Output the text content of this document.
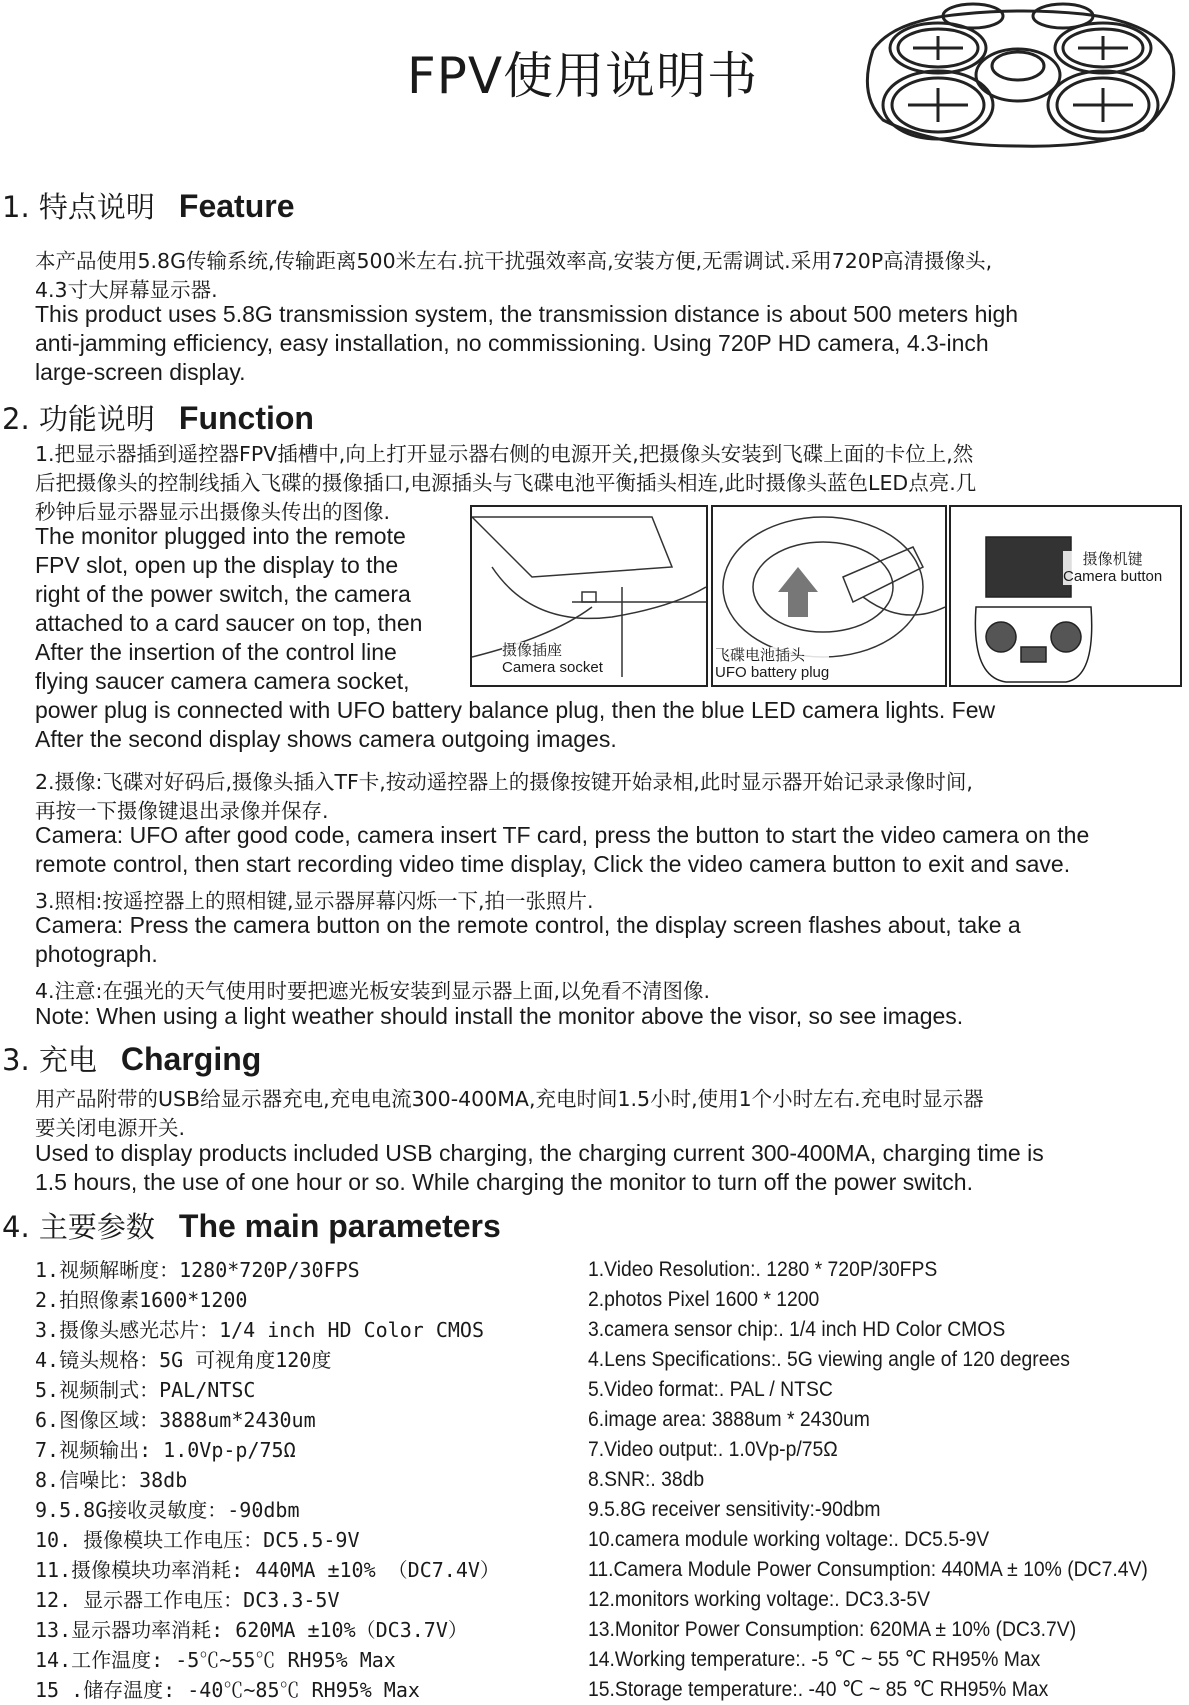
FPV使用说明书
1. 特点说明 Feature
本产品使用5.8G传输系统,传输距离500米左右.抗干扰强效率高,安装方便,无需调试.采用720P高清摄像头,
4.3寸大屏幕显示器.
This product uses 5.8G transmission system, the transmission distance is about 500 meters high
anti-jamming efficiency, easy installation, no commissioning. Using 720P HD camera, 4.3-inch
large-screen display.
2. 功能说明 Function
1.把显示器插到遥控器FPV插槽中,向上打开显示器右侧的电源开关,把摄像头安装到飞碟上面的卡位上,然
后把摄像头的控制线插入飞碟的摄像插口,电源插头与飞碟电池平衡插头相连,此时摄像头蓝色LED点亮.几
秒钟后显示器显示出摄像头传出的图像.
The monitor plugged into the remote
FPV slot, open up the display to the
right of the power switch, the camera
attached to a card saucer on top, then
After the insertion of the control line
flying saucer camera camera socket,
power plug is connected with UFO battery balance plug, then the blue LED camera lights. Few
After the second display shows camera outgoing images.
摄像插座
Camera socket
飞碟电池插头
UFO battery plug
摄像机键
Camera button
2.摄像:飞碟对好码后,摄像头插入TF卡,按动遥控器上的摄像按键开始录相,此时显示器开始记录录像时间,
再按一下摄像键退出录像并保存.
Camera: UFO after good code, camera insert TF card, press the button to start the video camera on the
remote control, then start recording video time display, Click the video camera button to exit and save.
3.照相:按遥控器上的照相键,显示器屏幕闪烁一下,拍一张照片.
Camera: Press the camera button on the remote control, the display screen flashes about, take a
photograph.
4.注意:在强光的天气使用时要把遮光板安装到显示器上面,以免看不清图像.
Note: When using a light weather should install the monitor above the visor, so see images.
3. 充电 Charging
用产品附带的USB给显示器充电,充电电流300-400MA,充电时间1.5小时,使用1个小时左右.充电时显示器
要关闭电源开关.
Used to display products included USB charging, the charging current 300-400MA, charging time is
1.5 hours, the use of one hour or so. While charging the monitor to turn off the power switch.
4. 主要参数 The main parameters
1.视频解晰度：1280*720P/30FPS
2.拍照像素1600*1200
3.摄像头感光芯片：1/4 inch HD Color CMOS
4.镜头规格：5G 可视角度120度
5.视频制式：PAL/NTSC
6.图像区域：3888um*2430um
7.视频输出: 1.0Vp-p/75Ω
8.信噪比：38db
9.5.8G接收灵敏度：-90dbm
10. 摄像模块工作电压：DC5.5-9V
11.摄像模块功率消耗: 440MA ±10% （DC7.4V）
12. 显示器工作电压：DC3.3-5V
13.显示器功率消耗: 620MA ±10%（DC3.7V）
14.工作温度: -5℃~55℃ RH95% Max
15 .储存温度: -40℃~85℃ RH95% Max
1.Video Resolution:. 1280 * 720P/30FPS
2.photos Pixel 1600 * 1200
3.camera sensor chip:. 1/4 inch HD Color CMOS
4.Lens Specifications:. 5G viewing angle of 120 degrees
5.Video format:. PAL / NTSC
6.image area: 3888um * 2430um
7.Video output:. 1.0Vp-p/75Ω
8.SNR:. 38db
9.5.8G receiver sensitivity:-90dbm
10.camera module working voltage:. DC5.5-9V
11.Camera Module Power Consumption: 440MA ± 10% (DC7.4V)
12.monitors working voltage:. DC3.3-5V
13.Monitor Power Consumption: 620MA ± 10% (DC3.7V)
14.Working temperature:. -5 ℃ ~ 55 ℃ RH95% Max
15.Storage temperature:. -40 ℃ ~ 85 ℃ RH95% Max
